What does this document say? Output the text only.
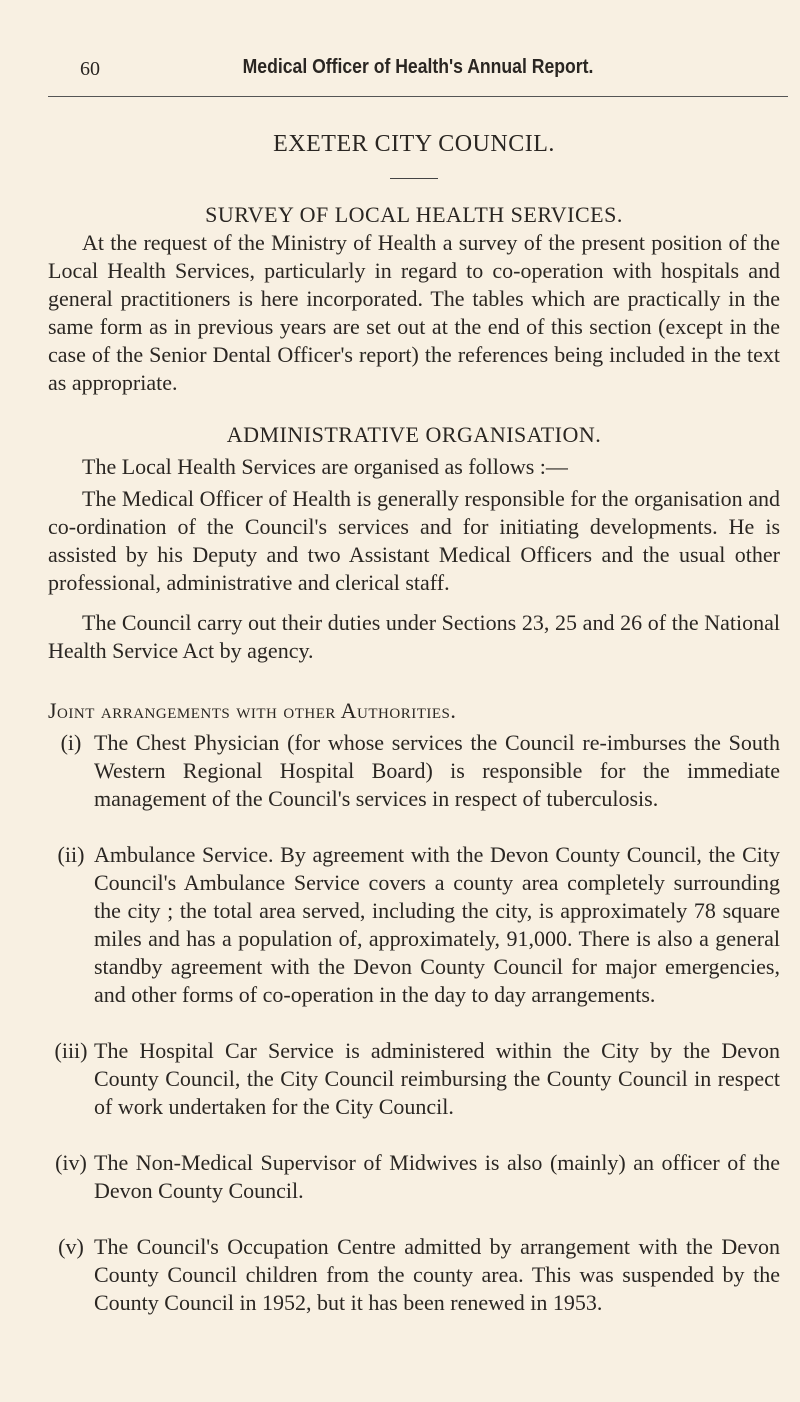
60	Medical Officer of Health's Annual Report.

EXETER CITY COUNCIL.

SURVEY OF LOCAL HEALTH SERVICES.

At the request of the Ministry of Health a survey of the present position of the Local Health Services, particularly in regard to co-operation with hospitals and general practitioners is here incorporated. The tables which are practically in the same form as in previous years are set out at the end of this section (except in the case of the Senior Dental Officer's report) the references being included in the text as appropriate.

ADMINISTRATIVE ORGANISATION.

The Local Health Services are organised as follows :—

The Medical Officer of Health is generally responsible for the organisation and co-ordination of the Council's services and for initiating developments. He is assisted by his Deputy and two Assistant Medical Officers and the usual other professional, administrative and clerical staff.

The Council carry out their duties under Sections 23, 25 and 26 of the National Health Service Act by agency.

Joint arrangements with other Authorities.

(i) The Chest Physician (for whose services the Council re-imburses the South Western Regional Hospital Board) is responsible for the immediate management of the Council's services in respect of tuberculosis.
(ii) Ambulance Service. By agreement with the Devon County Council, the City Council's Ambulance Service covers a county area completely surrounding the city ; the total area served, including the city, is approximately 78 square miles and has a population of, approximately, 91,000. There is also a general standby agreement with the Devon County Council for major emergencies, and other forms of co-operation in the day to day arrangements.
(iii) The Hospital Car Service is administered within the City by the Devon County Council, the City Council reimbursing the County Council in respect of work undertaken for the City Council.
(iv) The Non-Medical Supervisor of Midwives is also (mainly) an officer of the Devon County Council.
(v) The Council's Occupation Centre admitted by arrangement with the Devon County Council children from the county area. This was suspended by the County Council in 1952, but it has been renewed in 1953.
